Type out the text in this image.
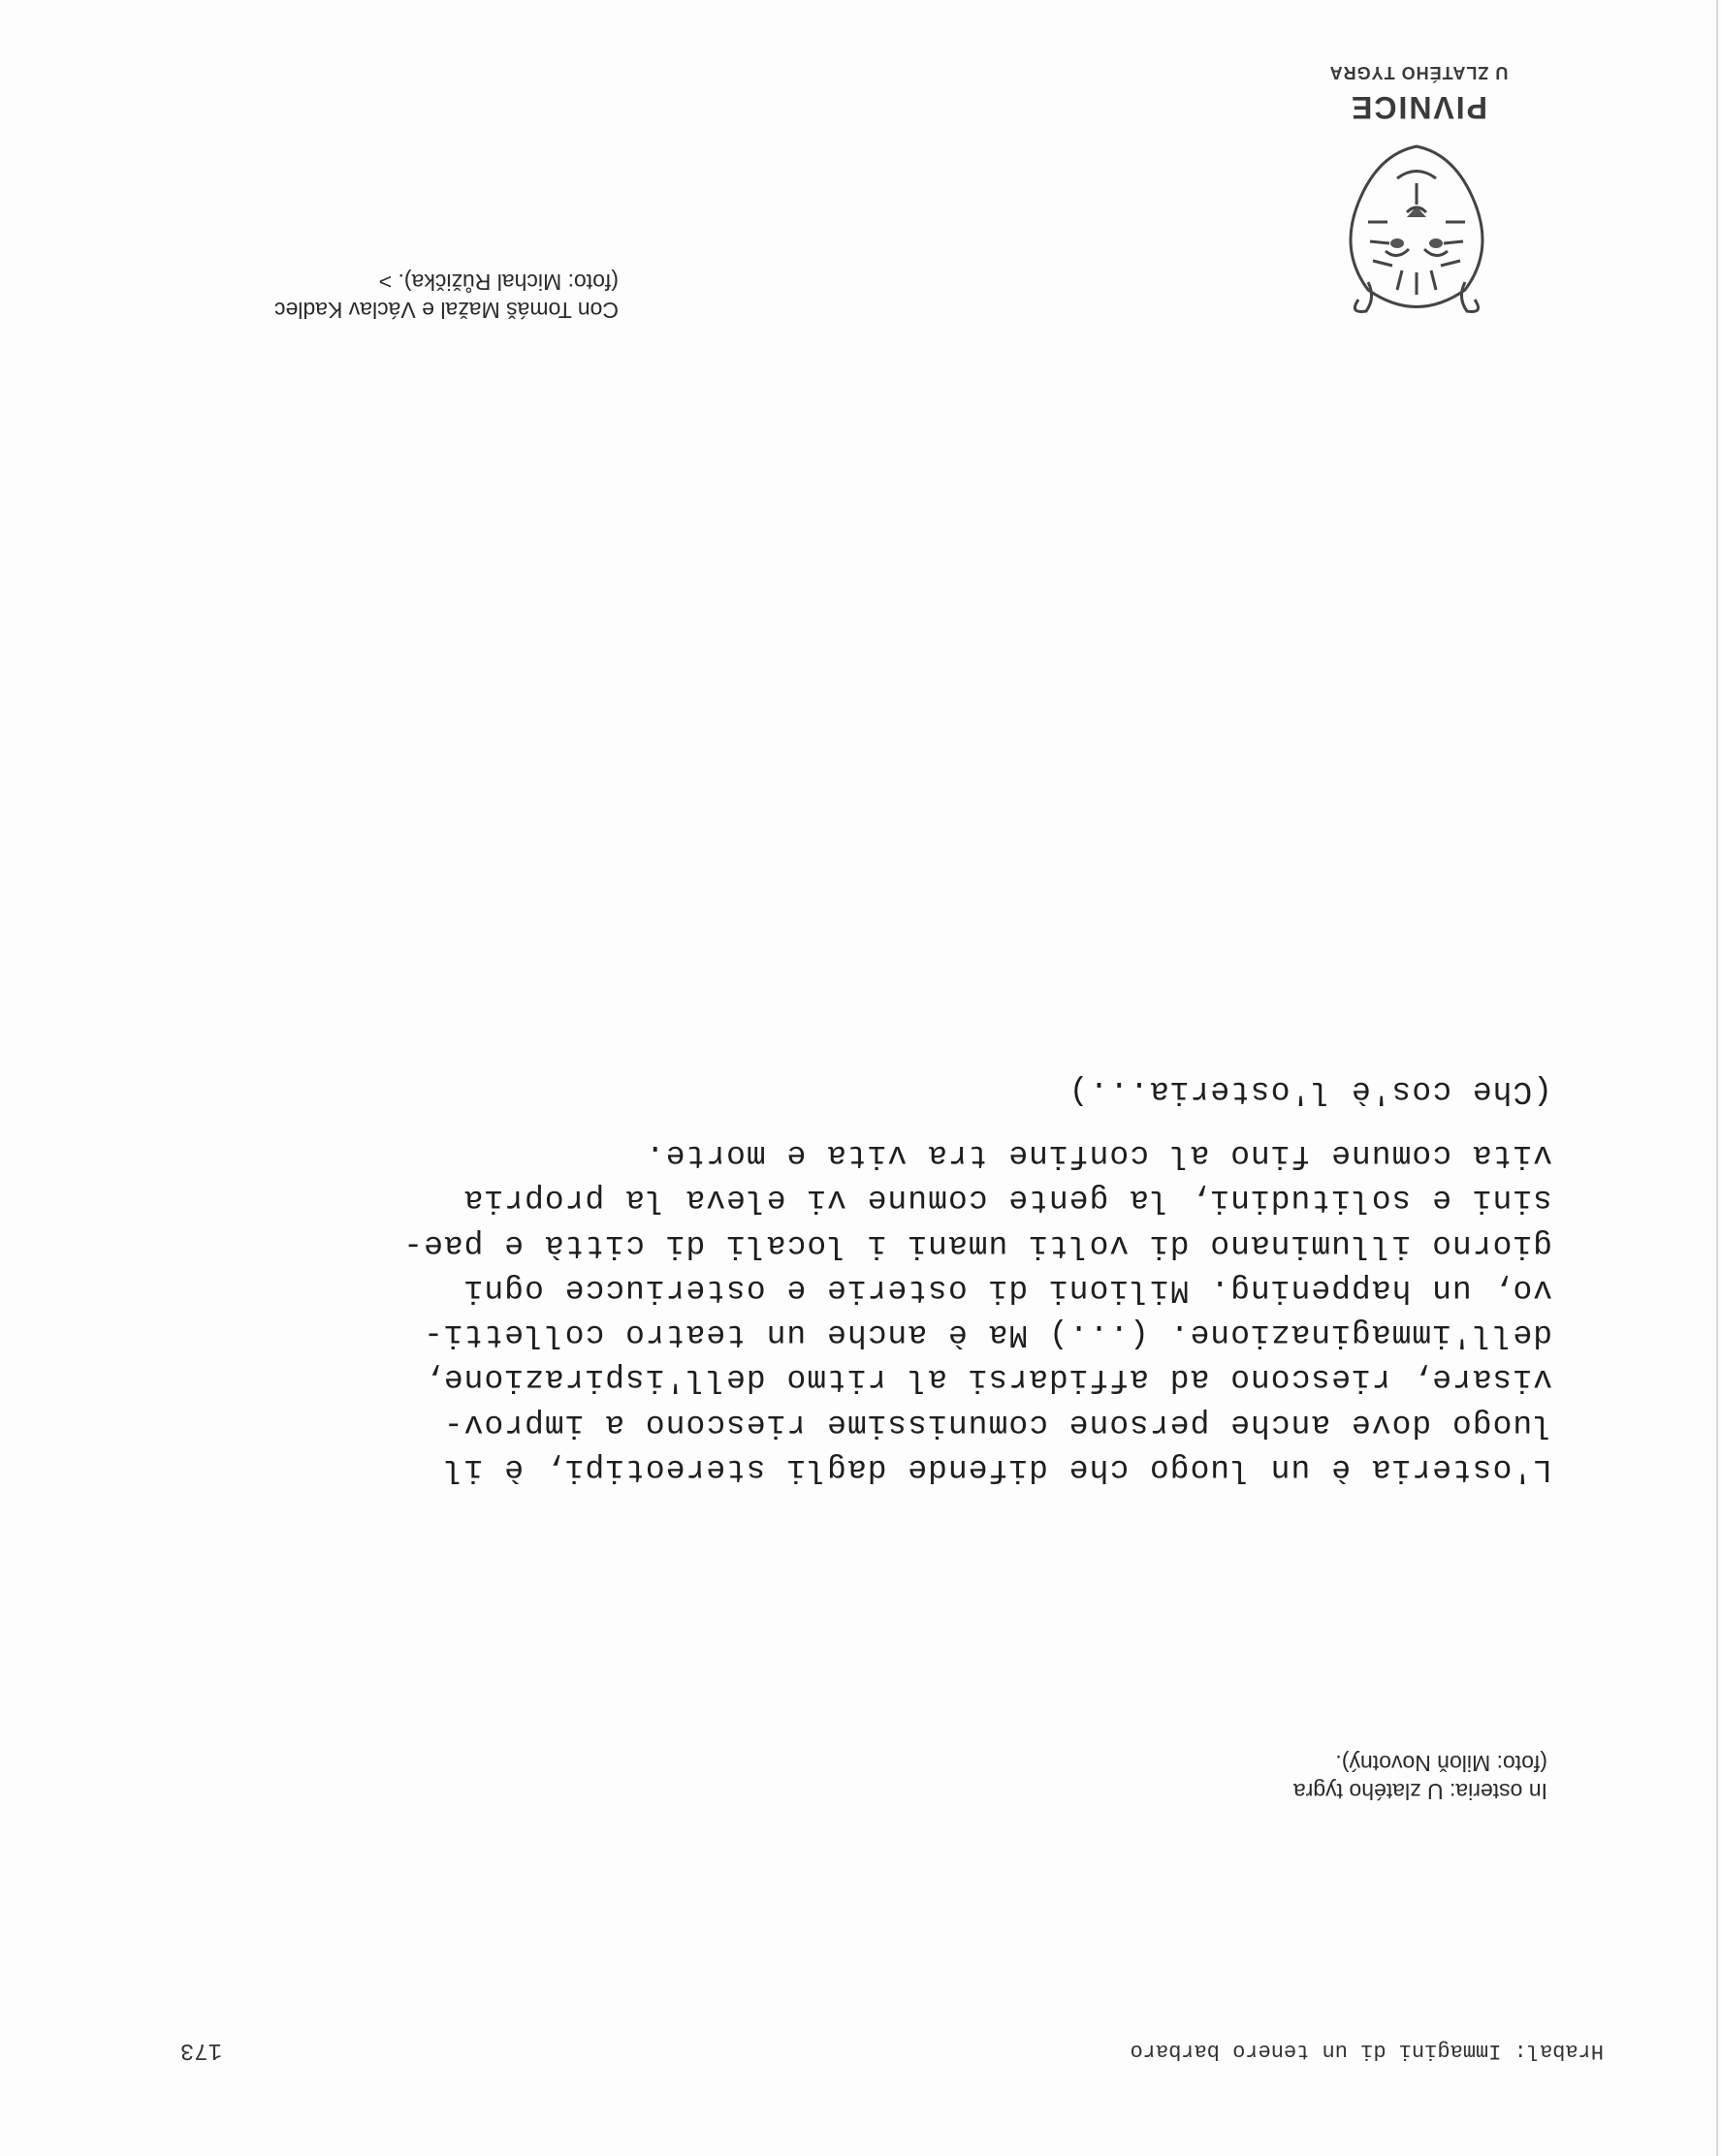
Hrabal: Immagini di un tenero barbaro
173
In osteria: U zlatého tygra
(foto: Miloň Novotný).
L'osteria è un luogo che difende dagli stereotipi, è il
luogo dove anche persone comunissime riescono a improv-
visare, riescono ad affidarsi al ritmo dell'ispirazione,
dell'immaginazione. (...) Ma è anche un teatro colletti-
vo, un happening. Milioni di osterie e osteriucce ogni
giorno illuminano di volti umani i locali di città e pae-
sini e solitudini, la gente comune vi eleva la propria
vita comune fino al confine tra vita e morte.
(Che cos'è l'osteria...)
Con Tomáš Mažal e Václav Kadlec
(foto: Michal Růžička). >
PIVNICE
U ZLATÉHO TYGRA
